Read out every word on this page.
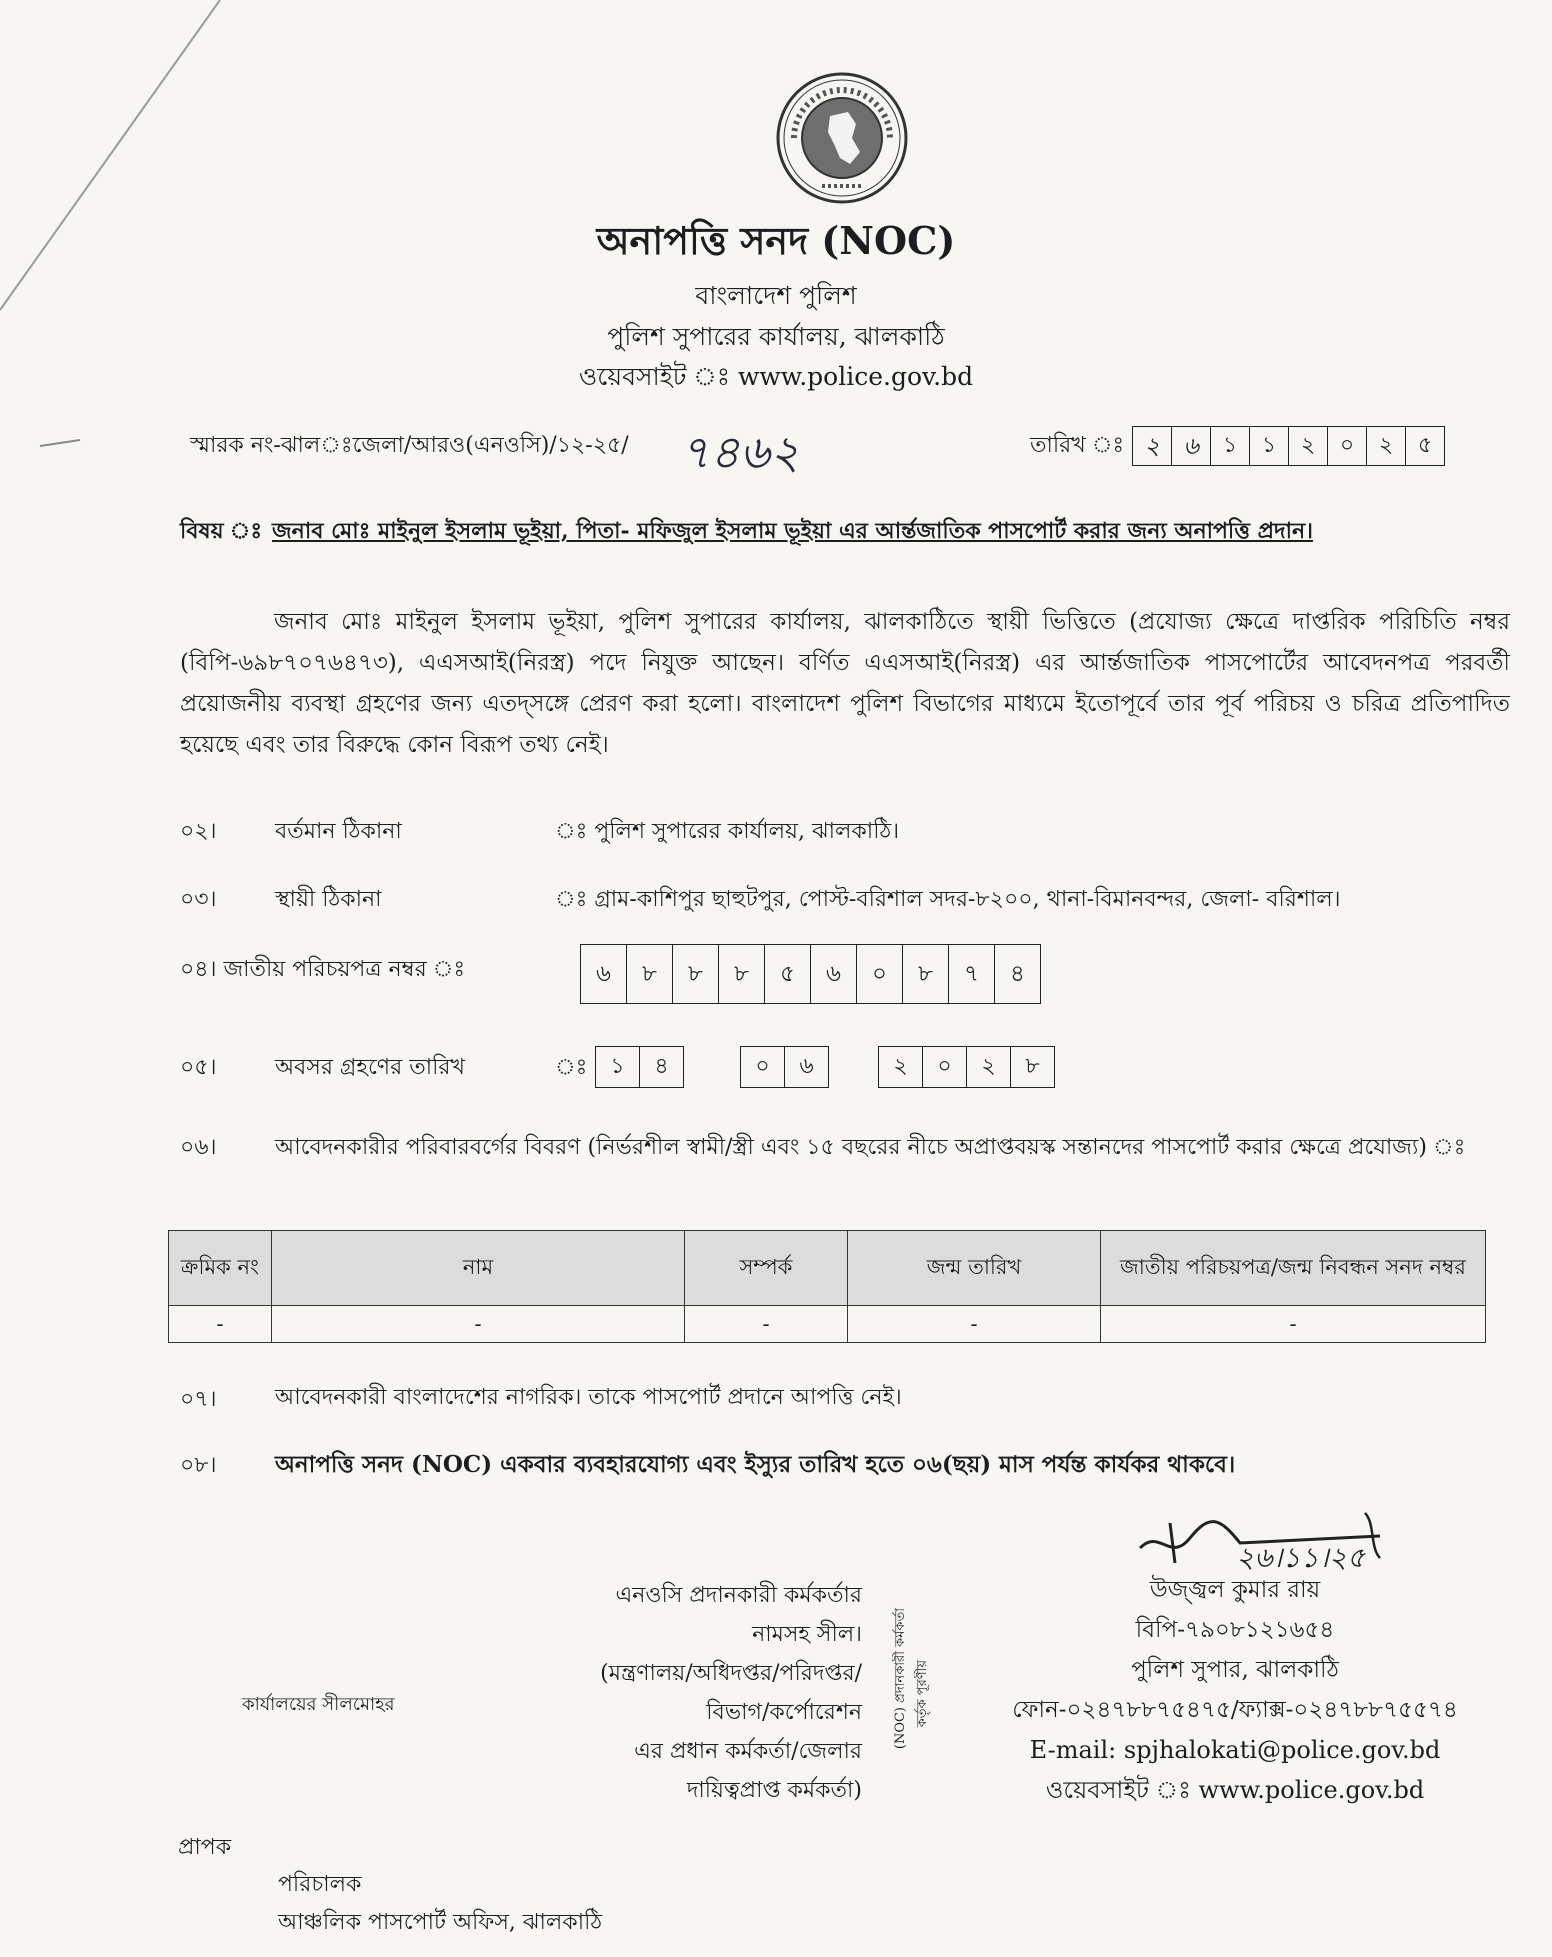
অনাপত্তি সনদ (NOC)
বাংলাদেশ পুলিশ
পুলিশ সুপারের কার্যালয়, ঝালকাঠি
ওয়েবসাইট ঃ www.police.gov.bd
স্মারক নং-ঝাল​ঃজেলা/আরও(এনওসি)/১২-২৫/ ৭৪৬২	তারিখ ঃ ২ ৬	১	১	২	০	২	৫
বিষয় ঃ জনাব মোঃ মাইনুল ইসলাম ভূইয়া, পিতা- মফিজুল ইসলাম ভূইয়া এর আর্ন্তজাতিক পাসপোর্ট করার জন্য অনাপত্তি প্রদান।
জনাব মোঃ মাইনুল ইসলাম ভূইয়া, পুলিশ সুপারের কার্যালয়, ঝালকাঠিতে স্থায়ী ভিত্তিতে (প্রযোজ্য ক্ষেত্রে দাপ্তরিক পরিচিতি নম্বর (বিপি-৬৯৮৭০৭৬৪৭৩), এএসআই(নিরস্ত্র) পদে নিযুক্ত আছেন। বর্ণিত এএসআই(নিরস্ত্র) এর আর্ন্তজাতিক পাসপোর্টের আবেদনপত্র পরবর্তী প্রয়োজনীয় ব্যবস্থা গ্রহণের জন্য এতদ্সঙ্গে প্রেরণ করা হলো। বাংলাদেশ পুলিশ বিভাগের মাধ্যমে ইতোপূর্বে তার পূর্ব পরিচয় ও চরিত্র প্রতিপাদিত হয়েছে এবং তার বিরুদ্ধে কোন বিরূপ তথ্য নেই।
০২।	বর্তমান ঠিকানা	ঃ পুলিশ সুপারের কার্যালয়, ঝালকাঠি।
০৩।	স্থায়ী ঠিকানা	ঃ গ্রাম-কাশিপুর ছাহুটপুর, পোস্ট-বরিশাল সদর-৮২০০, থানা-বিমানবন্দর, জেলা- বরিশাল।
০৪। জাতীয় পরিচয়পত্র নম্বর ঃ	৬	৮	৮	৮	৫	৬	০	৮	৭	৪
০৫।	অবসর গ্রহণের তারিখ	ঃ	১	৪	০	৬	২	০	২	৮
০৬।	আবেদনকারীর পরিবারবর্গের বিবরণ (নির্ভরশীল স্বামী/স্ত্রী এবং ১৫ বছরের নীচে অপ্রাপ্তবয়স্ক সন্তানদের পাসপোর্ট করার ক্ষেত্রে প্রযোজ্য) ঃ
ক্রমিক নং	নাম	সম্পর্ক	জন্ম তারিখ	জাতীয় পরিচয়পত্র/জন্ম নিবন্ধন সনদ নম্বর
-	-	-	-	-
০৭।	আবেদনকারী বাংলাদেশের নাগরিক। তাকে পাসপোর্ট প্রদানে আপত্তি নেই।
০৮।	অনাপত্তি সনদ (NOC) একবার ব্যবহারযোগ্য এবং ইস্যুর তারিখ হতে ০৬(ছয়) মাস পর্যন্ত কার্যকর থাকবে।
এনওসি প্রদানকারী কর্মকর্তার
নামসহ সীল।
(মন্ত্রণালয়/অধিদপ্তর/পরিদপ্তর/
বিভাগ/কর্পোরেশন
এর প্রধান কর্মকর্তা/জেলার
দায়িত্বপ্রাপ্ত কর্মকর্তা)
(NOC) প্রদানকারী কর্মকর্তা কর্তৃক পূরণীয়
কার্যালয়ের সীলমোহর
২৬।১১।২৫
উজ্জ্বল কুমার রায়
বিপি-৭৯০৮১২১৬৫৪
পুলিশ সুপার, ঝালকাঠি
ফোন-০২৪৭৮৮৭৫৪৭৫/ফ্যাক্স-০২৪৭৮৮৭৫৫৭৪
E-mail: spjhalokati@police.gov.bd
ওয়েবসাইট ঃ www.police.gov.bd
প্রাপক
পরিচালক
আঞ্চলিক পাসপোর্ট অফিস, ঝালকাঠি
